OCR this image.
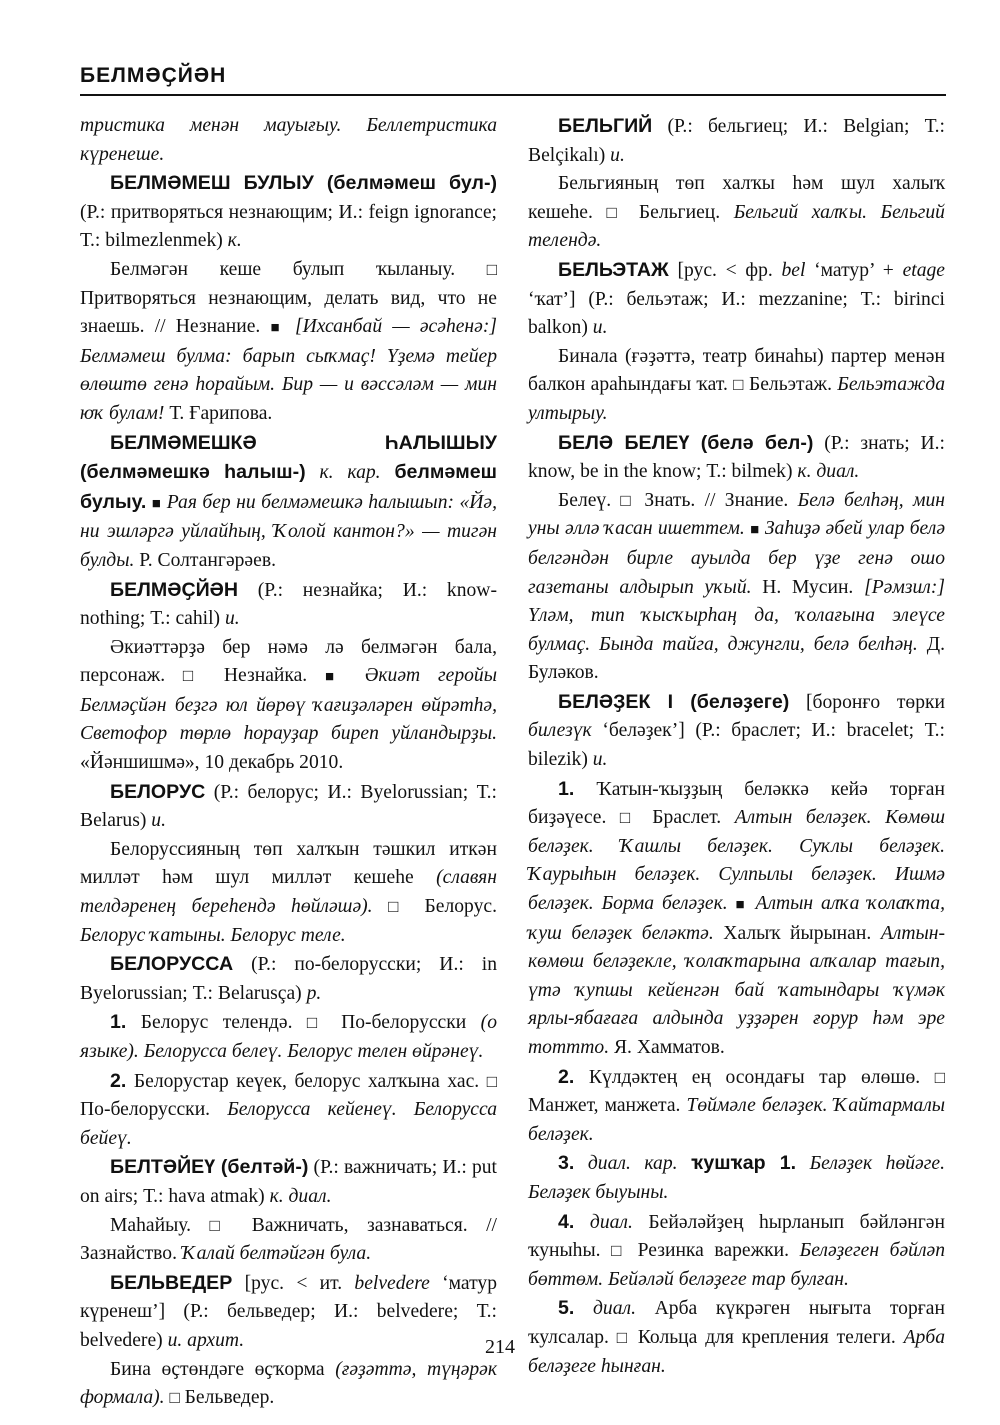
БЕЛМӘҪЙӘН

тристика менән мауығыу. Беллетристика күренеше.

БЕЛМӘМЕШ БУЛЫУ (белмәмеш бул-) (Р.: притворяться незнающим; И.: feign ignorance; Т.: bilmezlenmek) к.

Белмәгән кеше булып ҡыланыу. □ Притворяться незнающим, делать вид, что не знаешь. // Незнание. ■ [Ихсанбай — әсәһенә:] Белмәмеш булма: барып сыҡмаҫ! Үҙемә тейер өлөштө генә һорайым. Бир — и вәссәләм — мин юҡ булам! Т. Ғарипова.

БЕЛМӘМЕШКӘ ҺАЛЫШЫУ (белмәмешкә һалыш-) к. кар. белмәмеш булыу. ■ Рая бер ни белмәмешкә һалышып: «Йә, ни эшләргә уйлайһың, Ҡолой кантон?» — тигән булды. Р. Солтангәрәев.

БЕЛМӘҪЙӘН (Р.: незнайка; И.: know-nothing; Т.: cahil) и.

Әкиәттәрҙә бер нәмә лә белмәгән бала, персонаж. □ Незнайка. ■ Әкиәт геройы Белмәҫйән беҙгә юл йөрөү ҡағиҙәләрен өйрәтһә, Светофор төрлө һорауҙар биреп уйландырҙы. «Йәншишмә», 10 декабрь 2010.

БЕЛОРУС (Р.: белорус; И.: Byelorussian; Т.: Belarus) и.

Белоруссияның төп халҡын тәшкил иткән милләт һәм шул милләт кешеһе (славян телдәренең береһендә һөйләшә). □ Белорус. Белорус ҡатыны. Белорус теле.

БЕЛОРУССА (Р.: по-белорусски; И.: in Byelorussian; Т.: Belarusça) р.

1. Белорус телендә. □ По-белорусски (о языке). Белорусса белеү. Белорус телен өйрәнеү.

2. Белорустар кеүек, белорус халҡына хас. □ По-белорусски. Белорусса кейенеү. Белорусса бейеү.

БЕЛТӘЙЕҮ (белтәй-) (Р.: важничать; И.: put on airs; Т.: hava atmak) к. диал.

Маһайыу. □ Важничать, зазнаваться. // Зазнайство. Ҡалай белтәйгән була.

БЕЛЬВЕДЕР [рус. < ит. belvedere ‘матур күренеш’] (Р.: бельведер; И.: belvedere; Т.: belvedere) и. архит.

Бина өҫтөндәге өҫҡорма (ғәҙәттә, түңәрәк формала). □ Бельведер.

БЕЛЬГИЙ (Р.: бельгиец; И.: Belgian; Т.: Belçikalı) и.

Бельгияның төп халҡы һәм шул халыҡ кешеһе. □ Бельгиец. Бельгий халҡы. Бельгий телендә.

БЕЛЬЭТАЖ [рус. < фр. bel ‘матур’ + etage ‘ҡат’] (Р.: бельэтаж; И.: mezzanine; Т.: birinci balkon) и.

Бинала (ғәҙәттә, театр бинаһы) партер менән балкон араһындағы ҡат. □ Бельэтаж. Бельэтажда ултырыу.

БЕЛӘ БЕЛЕҮ (белә бел-) (Р.: знать; И.: know, be in the know; Т.: bilmek) к. диал.

Белеү. □ Знать. // Знание. Белә белһәң, мин уны әллә ҡасан ишеттем. ■ Заһиҙә әбей улар белә белгәндән бирле ауылда бер үҙе генә ошо газетаны алдырып уҡый. Н. Мусин. [Рәмзил:] Үләм, тип ҡысҡырһаң да, ҡолағына элеүсе булмаҫ. Бында тайга, джунгли, белә белһәң. Д. Буләков.

БЕЛӘҘЕК I (беләҙеге) [боронғо төрки билезүк ‘беләҙек’] (Р.: браслет; И.: bracelet; Т.: bilezik) и.

1. Ҡатын-ҡыҙҙың беләккә кейә торған биҙәүесе. □ Браслет. Алтын беләҙек. Көмөш беләҙек. Ҡашлы беләҙек. Суҡлы беләҙек. Ҡаурыһын беләҙек. Сулпылы беләҙек. Ишмә беләҙек. Борма беләҙек. ■ Алтын алҡа ҡолаҡта, ҡуш беләҙек беләктә. Халыҡ йырынан. Алтын-көмөш беләҙекле, ҡолаҡтарына алҡалар тағып, үтә ҡупшы кейенгән бай ҡатындары ҡүмәк ярлы-ябағаға алдында уҙҙәрен ғорур һәм эре тоттто. Я. Хамматов.

2. Күлдәктең ең осондағы тар өлөшө. □ Манжет, манжета. Төймәле беләҙек. Ҡайтармалы беләҙек.

3. диал. кар. ҡушҡар 1. Беләҙек һөйәге. Беләҙек быуыны.

4. диал. Бейәләйҙең һырланып бәйләнгән ҡуныһы. □ Резинка варежки. Беләҙеген бәйләп бөттөм. Бейәләй беләҙеге тар булған.

5. диал. Арба күкрәген нығыта торған ҡулсалар. □ Кольца для крепления телеги. Арба беләҙеге һынған.

214
